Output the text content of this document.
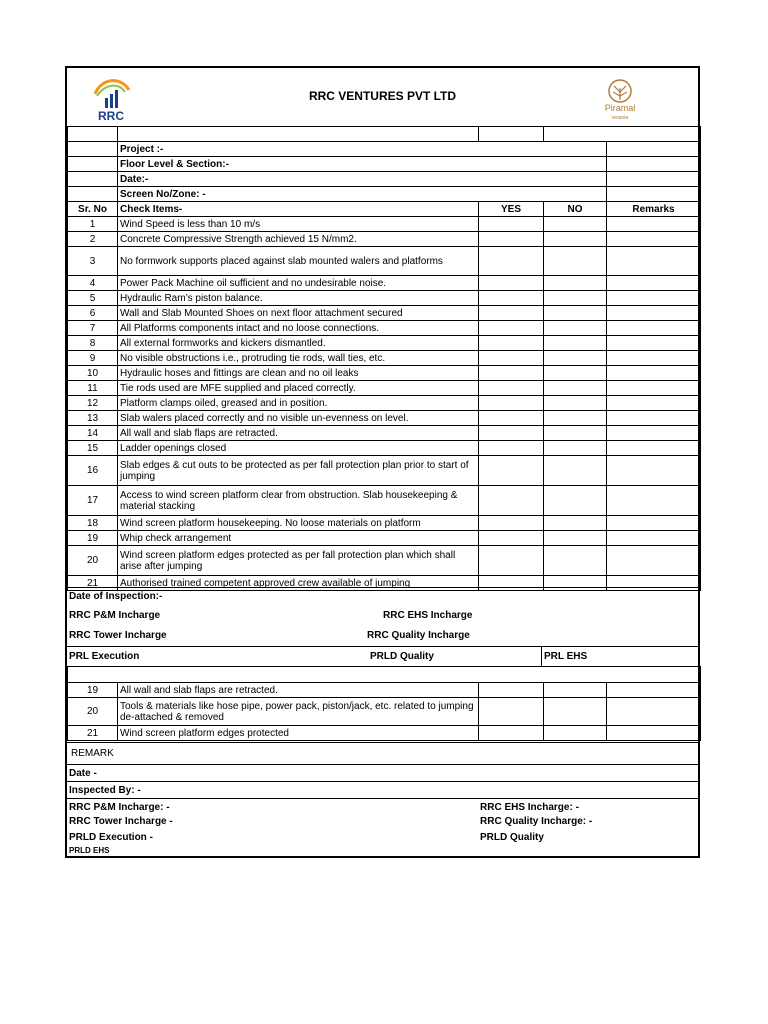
RRC
RRC VENTURES PVT LTD
Piramal
revanta

	Project :-			
	Floor Level & Section:-			
	Date:-			
	Screen No/Zone: -			
Sr. No	Check Items-	YES	NO	Remarks
1	Wind Speed is less than 10 m/s			
2	Concrete Compressive Strength achieved 15 N/mm2.			
3	No formwork supports placed against slab mounted walers and platforms			
4	Power Pack Machine oil sufficient and no undesirable noise.			
5	Hydraulic Ram’s piston balance.			
6	Wall and Slab Mounted Shoes on next floor attachment secured			
7	All Platforms components intact and no loose connections.			
8	All external formworks and kickers dismantled.			
9	No visible obstructions i.e., protruding tie rods, wall ties, etc.			
10	Hydraulic hoses and fittings are clean and no oil leaks			
11	Tie rods used are MFE supplied and placed correctly.			
12	Platform clamps oiled, greased and in position.			
13	Slab walers placed correctly and no visible un-evenness on level.			
14	All wall and slab flaps are retracted.			
15	Ladder openings closed			
16	Slab edges & cut outs to be protected as per fall protection plan prior to start of jumping			
17	Access to wind screen platform clear from obstruction. Slab housekeeping & material stacking			
18	Wind screen platform housekeeping. No loose materials on platform			
19	Whip check arrangement			
20	Wind screen platform edges protected as per fall protection plan which shall arise after jumping			
21	Authorised trained competent approved crew available of jumping			
Date of Inspection:-
RRC P&M Incharge	RRC EHS Incharge
RRC Tower Incharge	RRC Quality Incharge
PRL Execution	PRLD Quality	PRL EHS

19	All wall and slab flaps are retracted.			
20	Tools & materials like hose pipe, power pack, piston/jack, etc. related to jumping de-attached & removed			
21	Wind screen platform edges protected			
REMARK
Date -
Inspected By: -
RRC P&M Incharge: -	RRC EHS Incharge: -
RRC Tower Incharge -	RRC Quality Incharge: -
PRLD Execution -	PRLD Quality
PRLD EHS
